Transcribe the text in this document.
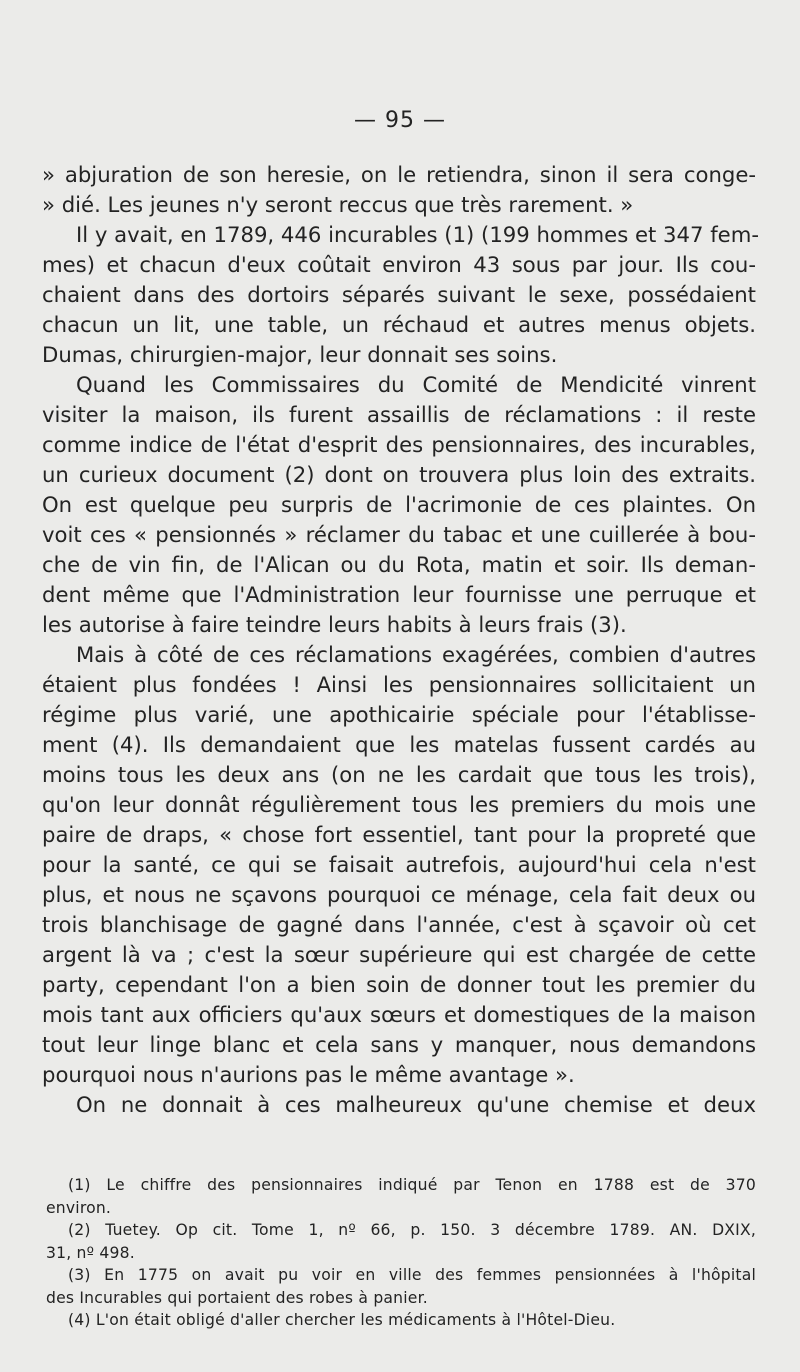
— 95 —
» abjuration de son heresie, on le retiendra, sinon il sera conge-
» dié. Les jeunes n'y seront reccus que très rarement. »
Il y avait, en 1789, 446 incurables (1) (199 hommes et 347 fem-
mes) et chacun d'eux coûtait environ 43 sous par jour. Ils cou-
chaient dans des dortoirs séparés suivant le sexe, possédaient
chacun un lit, une table, un réchaud et autres menus objets.
Dumas, chirurgien-major, leur donnait ses soins.
Quand les Commissaires du Comité de Mendicité vinrent
visiter la maison, ils furent assaillis de réclamations : il reste
comme indice de l'état d'esprit des pensionnaires, des incurables,
un curieux document (2) dont on trouvera plus loin des extraits.
On est quelque peu surpris de l'acrimonie de ces plaintes. On
voit ces « pensionnés » réclamer du tabac et une cuillerée à bou-
che de vin fin, de l'Alican ou du Rota, matin et soir. Ils deman-
dent même que l'Administration leur fournisse une perruque et
les autorise à faire teindre leurs habits à leurs frais (3).
Mais à côté de ces réclamations exagérées, combien d'autres
étaient plus fondées ! Ainsi les pensionnaires sollicitaient un
régime plus varié, une apothicairie spéciale pour l'établisse-
ment (4). Ils demandaient que les matelas fussent cardés au
moins tous les deux ans (on ne les cardait que tous les trois),
qu'on leur donnât régulièrement tous les premiers du mois une
paire de draps, « chose fort essentiel, tant pour la propreté que
pour la santé, ce qui se faisait autrefois, aujourd'hui cela n'est
plus, et nous ne sçavons pourquoi ce ménage, cela fait deux ou
trois blanchisage de gagné dans l'année, c'est à sçavoir où cet
argent là va ; c'est la sœur supérieure qui est chargée de cette
party, cependant l'on a bien soin de donner tout les premier du
mois tant aux officiers qu'aux sœurs et domestiques de la maison
tout leur linge blanc et cela sans y manquer, nous demandons
pourquoi nous n'aurions pas le même avantage ».
On ne donnait à ces malheureux qu'une chemise et deux
(1) Le chiffre des pensionnaires indiqué par Tenon en 1788 est de 370
environ.
(2) Tuetey. Op cit. Tome 1, nº 66, p. 150. 3 décembre 1789. AN. DXIX,
31, nº 498.
(3) En 1775 on avait pu voir en ville des femmes pensionnées à l'hôpital
des Incurables qui portaient des robes à panier.
(4) L'on était obligé d'aller chercher les médicaments à l'Hôtel-Dieu.
